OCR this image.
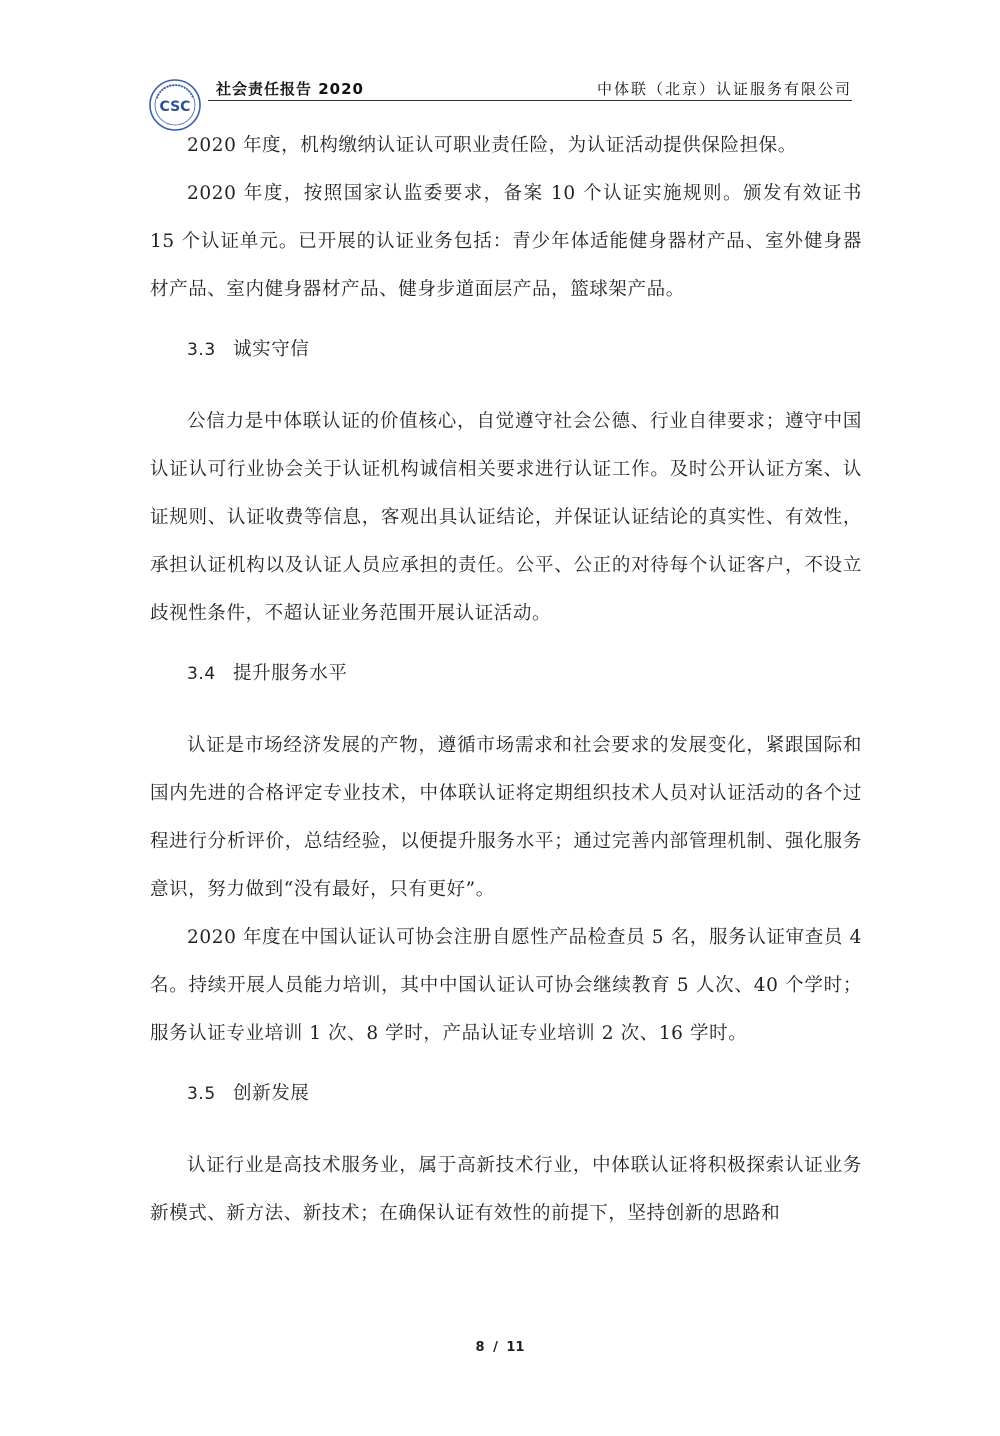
CSC
社会责任报告 2020	中体联（北京）认证服务有限公司

2020 年度，机构缴纳认证认可职业责任险，为认证活动提供保险担保。

2020 年度，按照国家认监委要求，备案 10 个认证实施规则。颁发有效证书 15 个认证单元。已开展的认证业务包括：青少年体适能健身器材产品、室外健身器材产品、室内健身器材产品、健身步道面层产品，篮球架产品。

3.3 诚实守信

公信力是中体联认证的价值核心，自觉遵守社会公德、行业自律要求；遵守中国认证认可行业协会关于认证机构诚信相关要求进行认证工作。及时公开认证方案、认证规则、认证收费等信息，客观出具认证结论，并保证认证结论的真实性、有效性，承担认证机构以及认证人员应承担的责任。公平、公正的对待每个认证客户，不设立歧视性条件，不超认证业务范围开展认证活动。

3.4 提升服务水平

认证是市场经济发展的产物，遵循市场需求和社会要求的发展变化，紧跟国际和国内先进的合格评定专业技术，中体联认证将定期组织技术人员对认证活动的各个过程进行分析评价，总结经验，以便提升服务水平；通过完善内部管理机制、强化服务意识，努力做到“没有最好，只有更好”。

2020 年度在中国认证认可协会注册自愿性产品检查员 5 名，服务认证审查员 4 名。持续开展人员能力培训，其中中国认证认可协会继续教育 5 人次、40 个学时；服务认证专业培训 1 次、8 学时，产品认证专业培训 2 次、16 学时。

3.5 创新发展

认证行业是高技术服务业，属于高新技术行业，中体联认证将积极探索认证业务新模式、新方法、新技术；在确保认证有效性的前提下，坚持创新的思路和

8 / 11
